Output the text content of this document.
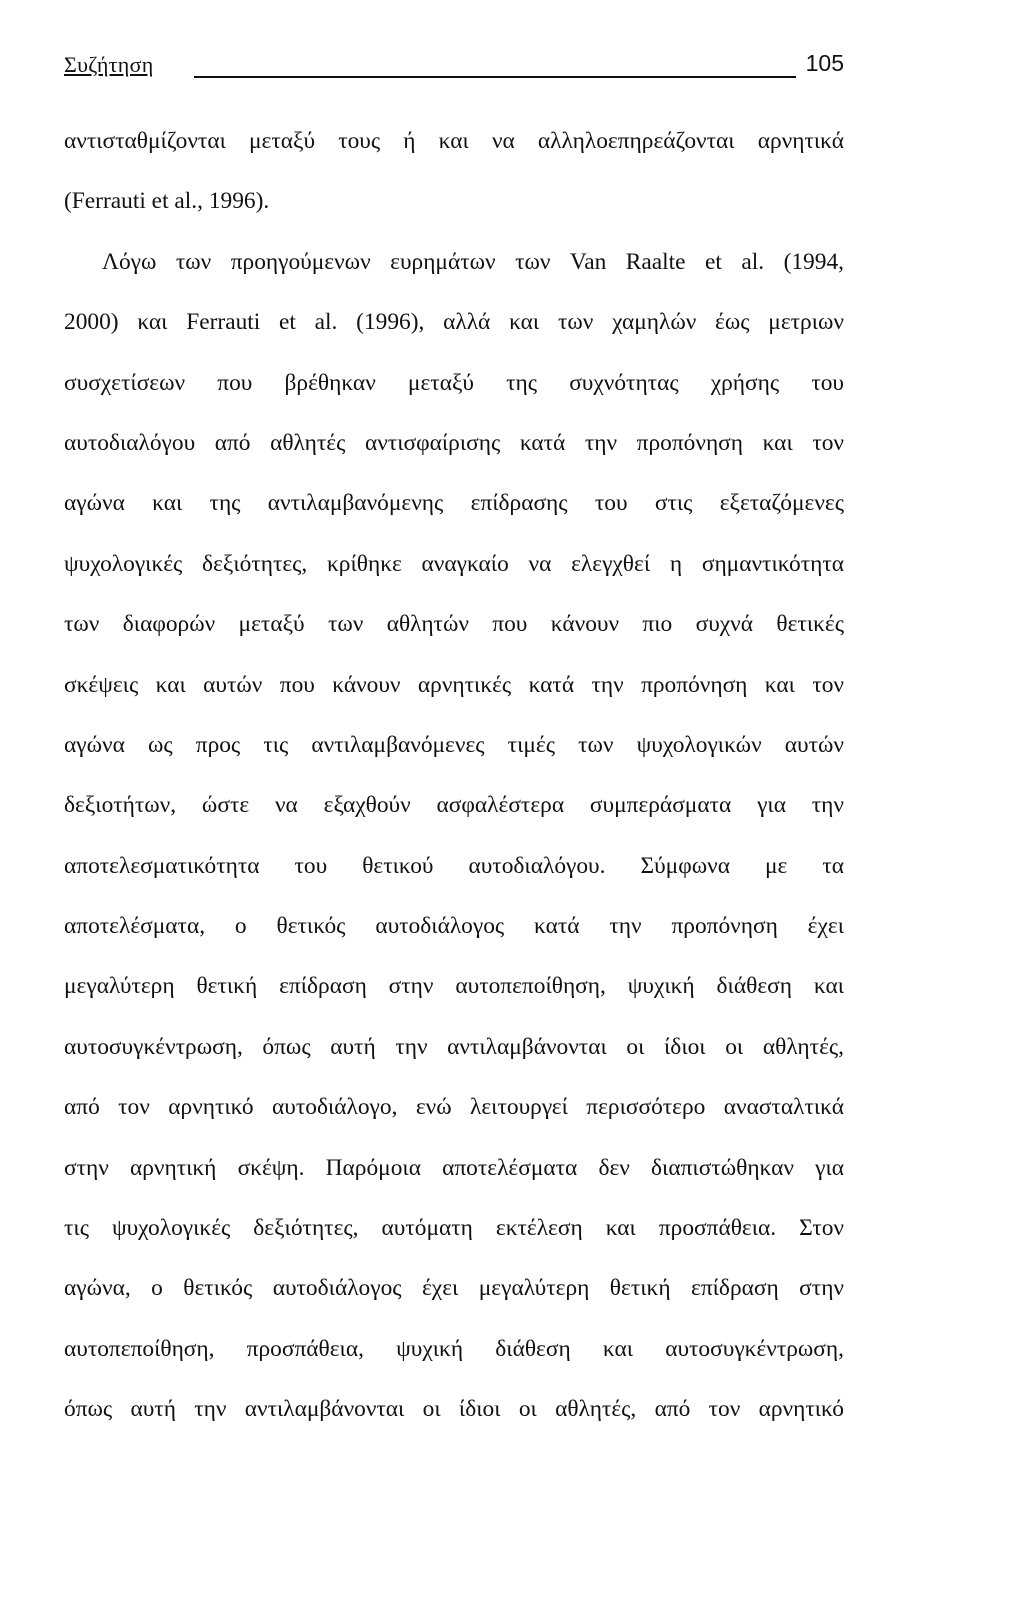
Συζήτηση	105
αντισταθμίζονται μεταξύ τους ή και να αλληλοεπηρεάζονται αρνητικά
(Ferrauti et al., 1996).
Λόγω των προηγούμενων ευρημάτων των Van Raalte et al. (1994,
2000) και Ferrauti et al. (1996), αλλά και των χαμηλών έως μετριων
συσχετίσεων που βρέθηκαν μεταξύ της συχνότητας χρήσης του
αυτοδιαλόγου από αθλητές αντισφαίρισης κατά την προπόνηση και τον
αγώνα και της αντιλαμβανόμενης επίδρασης του στις εξεταζόμενες
ψυχολογικές δεξιότητες, κρίθηκε αναγκαίο να ελεγχθεί η σημαντικότητα
των διαφορών μεταξύ των αθλητών που κάνουν πιο συχνά θετικές
σκέψεις και αυτών που κάνουν αρνητικές κατά την προπόνηση και τον
αγώνα ως προς τις αντιλαμβανόμενες τιμές των ψυχολογικών αυτών
δεξιοτήτων, ώστε να εξαχθούν ασφαλέστερα συμπεράσματα για την
αποτελεσματικότητα του θετικού αυτοδιαλόγου. Σύμφωνα με τα
αποτελέσματα, ο θετικός αυτοδιάλογος κατά την προπόνηση έχει
μεγαλύτερη θετική επίδραση στην αυτοπεποίθηση, ψυχική διάθεση και
αυτοσυγκέντρωση, όπως αυτή την αντιλαμβάνονται οι ίδιοι οι αθλητές,
από τον αρνητικό αυτοδιάλογο, ενώ λειτουργεί περισσότερο ανασταλτικά
στην αρνητική σκέψη. Παρόμοια αποτελέσματα δεν διαπιστώθηκαν για
τις ψυχολογικές δεξιότητες, αυτόματη εκτέλεση και προσπάθεια. Στον
αγώνα, ο θετικός αυτοδιάλογος έχει μεγαλύτερη θετική επίδραση στην
αυτοπεποίθηση, προσπάθεια, ψυχική διάθεση και αυτοσυγκέντρωση,
όπως αυτή την αντιλαμβάνονται οι ίδιοι οι αθλητές, από τον αρνητικό
